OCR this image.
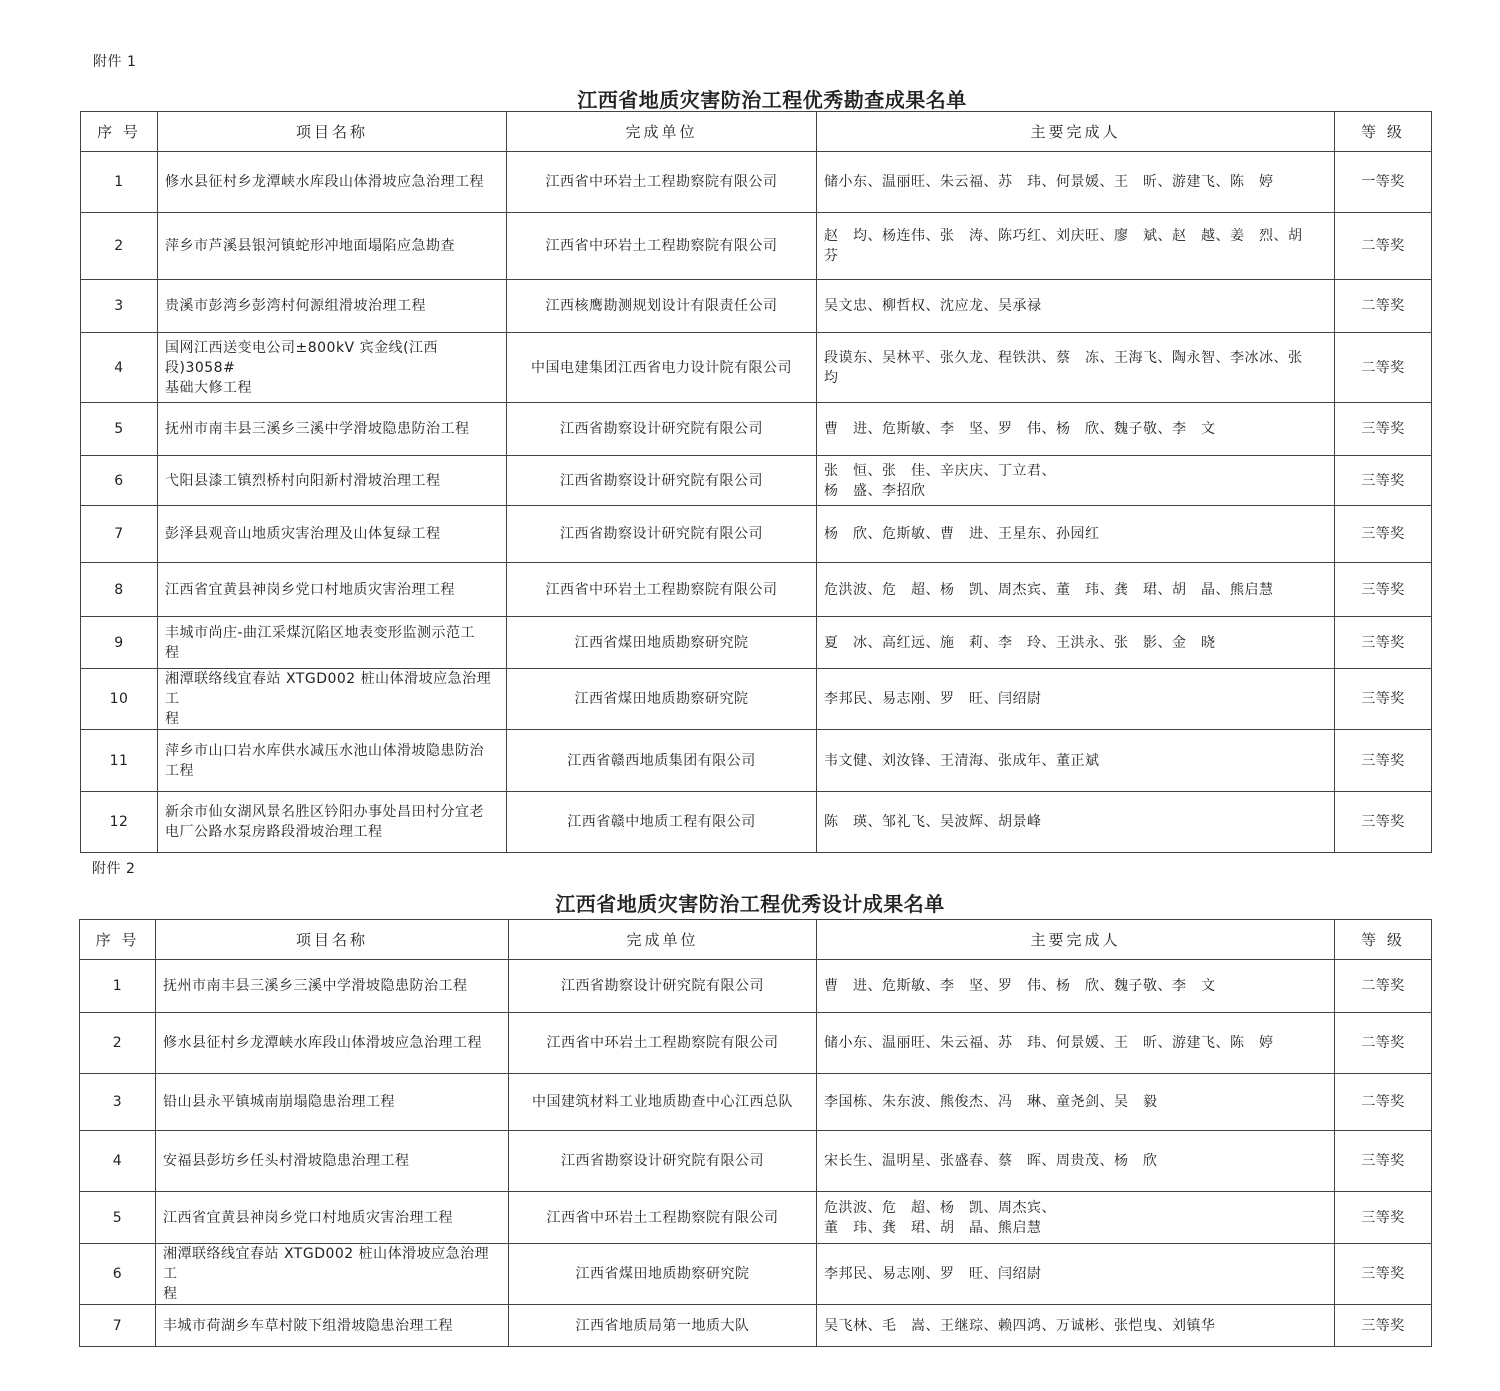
附件 1
江西省地质灾害防治工程优秀勘查成果名单
序 号	项目名称	完成单位	主要完成人	等 级

1	修水县征村乡龙潭峡水库段山体滑坡应急治理工程	江西省中环岩土工程勘察院有限公司	储小东、温丽旺、朱云福、苏　玮、何景媛、王　昕、游建飞、陈　婷	一等奖

2	萍乡市芦溪县银河镇蛇形冲地面塌陷应急勘查	江西省中环岩土工程勘察院有限公司	赵　均、杨连伟、张　涛、陈巧红、刘庆旺、廖　斌、赵　越、姜　烈、胡　芬	二等奖

3	贵溪市彭湾乡彭湾村何源组滑坡治理工程	江西核鹰勘测规划设计有限责任公司	吴文忠、柳哲权、沈应龙、吴承禄	二等奖

4	国网江西送变电公司±800kV 宾金线(江西段)3058#
基础大修工程	中国电建集团江西省电力设计院有限公司	段谟东、吴林平、张久龙、程铁洪、蔡　冻、王海飞、陶永智、李冰冰、张　均	二等奖

5	抚州市南丰县三溪乡三溪中学滑坡隐患防治工程	江西省勘察设计研究院有限公司	曹　进、危斯敏、李　坚、罗　伟、杨　欣、魏子敬、李　文	三等奖

6	弋阳县漆工镇烈桥村向阳新村滑坡治理工程	江西省勘察设计研究院有限公司	张　恒、张　佳、辛庆庆、丁立君、
杨　盛、李招欣	三等奖

7	彭泽县观音山地质灾害治理及山体复绿工程	江西省勘察设计研究院有限公司	杨　欣、危斯敏、曹　进、王星东、孙园红	三等奖

8	江西省宜黄县神岗乡党口村地质灾害治理工程	江西省中环岩土工程勘察院有限公司	危洪波、危　超、杨　凯、周杰宾、董　玮、龚　珺、胡　晶、熊启慧	三等奖

9	丰城市尚庄-曲江采煤沉陷区地表变形监测示范工
程	江西省煤田地质勘察研究院	夏　冰、高红远、施　莉、李　玲、王洪永、张　影、金　晓	三等奖

10	湘潭联络线宜春站 XTGD002 桩山体滑坡应急治理工
程	江西省煤田地质勘察研究院	李邦民、易志刚、罗　旺、闫绍尉	三等奖

11	萍乡市山口岩水库供水减压水池山体滑坡隐患防治
工程	江西省赣西地质集团有限公司	韦文健、刘汝锋、王清海、张成年、董正斌	三等奖

12	新余市仙女湖风景名胜区钤阳办事处昌田村分宜老
电厂公路水泵房路段滑坡治理工程	江西省赣中地质工程有限公司	陈　瑛、邹礼飞、吴波辉、胡景峰	三等奖
附件 2
江西省地质灾害防治工程优秀设计成果名单
序 号	项目名称	完成单位	主要完成人	等 级

1	抚州市南丰县三溪乡三溪中学滑坡隐患防治工程	江西省勘察设计研究院有限公司	曹　进、危斯敏、李　坚、罗　伟、杨　欣、魏子敬、李　文	二等奖

2	修水县征村乡龙潭峡水库段山体滑坡应急治理工程	江西省中环岩土工程勘察院有限公司	储小东、温丽旺、朱云福、苏　玮、何景媛、王　昕、游建飞、陈　婷	二等奖

3	铅山县永平镇城南崩塌隐患治理工程	中国建筑材料工业地质勘查中心江西总队	李国栋、朱东波、熊俊杰、冯　琳、童尧剑、吴　毅	二等奖

4	安福县彭坊乡任头村滑坡隐患治理工程	江西省勘察设计研究院有限公司	宋长生、温明星、张盛春、蔡　晖、周贵茂、杨　欣	三等奖

5	江西省宜黄县神岗乡党口村地质灾害治理工程	江西省中环岩土工程勘察院有限公司	危洪波、危　超、杨　凯、周杰宾、
董　玮、龚　珺、胡　晶、熊启慧	三等奖

6	湘潭联络线宜春站 XTGD002 桩山体滑坡应急治理工
程	江西省煤田地质勘察研究院	李邦民、易志刚、罗　旺、闫绍尉	三等奖

7	丰城市荷湖乡车草村陂下组滑坡隐患治理工程	江西省地质局第一地质大队	吴飞林、毛　嵩、王继琮、赖四鸿、万诚彬、张恺曳、刘镇华	三等奖
